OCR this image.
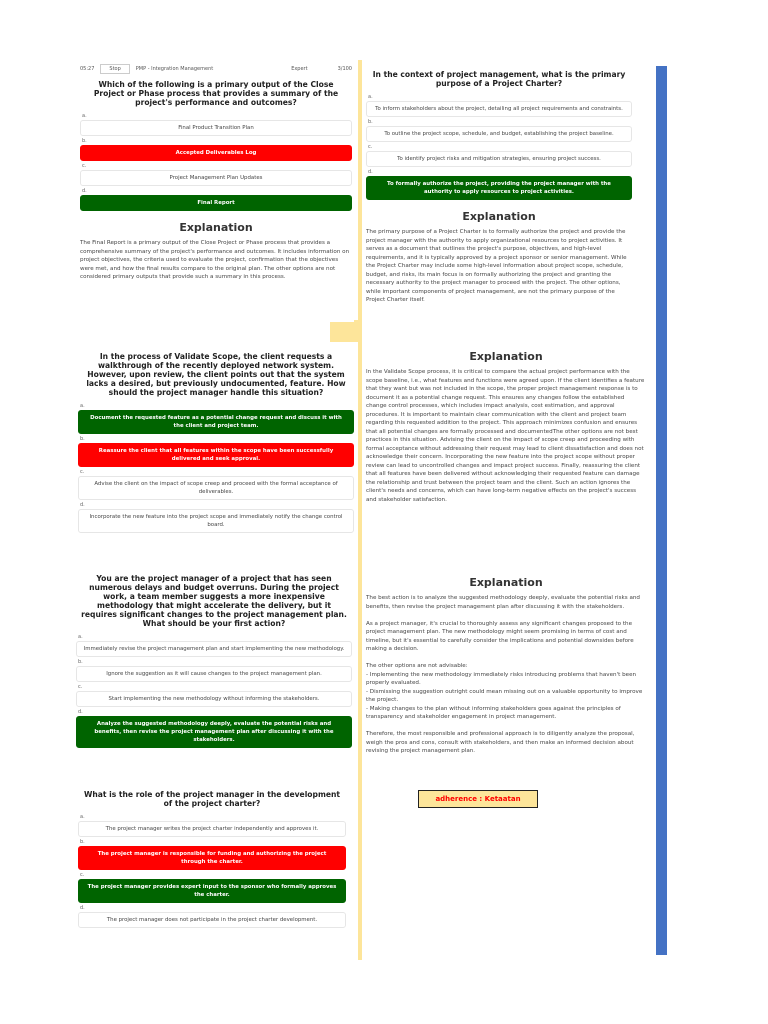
05:27	Stop	PMP - Integration Management	Expert	3/100
Which of the following is a primary output of the Close Project or Phase process that provides a summary of the project's performance and outcomes?
a.
Final Product Transition Plan
b.
Accepted Deliverables Log
c.
Project Management Plan Updates
d.
Final Report
Explanation
The Final Report is a primary output of the Close Project or Phase process that provides a comprehensive summary of the project's performance and outcomes. It includes information on project objectives, the criteria used to evaluate the project, confirmation that the objectives were met, and how the final results compare to the original plan. The other options are not considered primary outputs that provide such a summary in this process.
In the context of project management, what is the primary purpose of a Project Charter?
a.
To inform stakeholders about the project, detailing all project requirements and constraints.
b.
To outline the project scope, schedule, and budget, establishing the project baseline.
c.
To identify project risks and mitigation strategies, ensuring project success.
d.
To formally authorize the project, providing the project manager with the authority to apply resources to project activities.
Explanation
The primary purpose of a Project Charter is to formally authorize the project and provide the project manager with the authority to apply organizational resources to project activities. It serves as a document that outlines the project's purpose, objectives, and high-level requirements, and it is typically approved by a project sponsor or senior management. While the Project Charter may include some high-level information about project scope, schedule, budget, and risks, its main focus is on formally authorizing the project and granting the necessary authority to the project manager to proceed with the project. The other options, while important components of project management, are not the primary purpose of the Project Charter itself.
In the process of Validate Scope, the client requests a walkthrough of the recently deployed network system. However, upon review, the client points out that the system lacks a desired, but previously undocumented, feature. How should the project manager handle this situation?
a.
Document the requested feature as a potential change request and discuss it with the client and project team.
b.
Reassure the client that all features within the scope have been successfully delivered and seek approval.
c.
Advise the client on the impact of scope creep and proceed with the formal acceptance of deliverables.
d.
Incorporate the new feature into the project scope and immediately notify the change control board.
Explanation
In the Validate Scope process, it is critical to compare the actual project performance with the scope baseline, i.e., what features and functions were agreed upon. If the client identifies a feature that they want but was not included in the scope, the proper project management response is to document it as a potential change request. This ensures any changes follow the established change control processes, which includes impact analysis, cost estimation, and approval procedures. It is important to maintain clear communication with the client and project team regarding this requested addition to the project. This approach minimizes confusion and ensures that all potential changes are formally processed and documentedThe other options are not best practices in this situation. Advising the client on the impact of scope creep and proceeding with formal acceptance without addressing their request may lead to client dissatisfaction and does not acknowledge their concern. Incorporating the new feature into the project scope without proper review can lead to uncontrolled changes and impact project success. Finally, reassuring the client that all features have been delivered without acknowledging their requested feature can damage the relationship and trust between the project team and the client. Such an action ignores the client's needs and concerns, which can have long-term negative effects on the project's success and stakeholder satisfaction.
You are the project manager of a project that has seen numerous delays and budget overruns. During the project work, a team member suggests a more inexpensive methodology that might accelerate the delivery, but it requires significant changes to the project management plan. What should be your first action?
a.
Immediately revise the project management plan and start implementing the new methodology.
b.
Ignore the suggestion as it will cause changes to the project management plan.
c.
Start implementing the new methodology without informing the stakeholders.
d.
Analyze the suggested methodology deeply, evaluate the potential risks and benefits, then revise the project management plan after discussing it with the stakeholders.
Explanation
The best action is to analyze the suggested methodology deeply, evaluate the potential risks and benefits, then revise the project management plan after discussing it with the stakeholders.

As a project manager, it's crucial to thoroughly assess any significant changes proposed to the project management plan. The new methodology might seem promising in terms of cost and timeline, but it's essential to carefully consider the implications and potential downsides before making a decision.

The other options are not advisable:
- Implementing the new methodology immediately risks introducing problems that haven't been properly evaluated.
- Dismissing the suggestion outright could mean missing out on a valuable opportunity to improve the project.
- Making changes to the plan without informing stakeholders goes against the principles of transparency and stakeholder engagement in project management.

Therefore, the most responsible and professional approach is to diligently analyze the proposal, weigh the pros and cons, consult with stakeholders, and then make an informed decision about revising the project management plan.
adherence : Ketaatan
What is the role of the project manager in the development of the project charter?
a.
The project manager writes the project charter independently and approves it.
b.
The project manager is responsible for funding and authorizing the project through the charter.
c.
The project manager provides expert input to the sponsor who formally approves the charter.
d.
The project manager does not participate in the project charter development.
